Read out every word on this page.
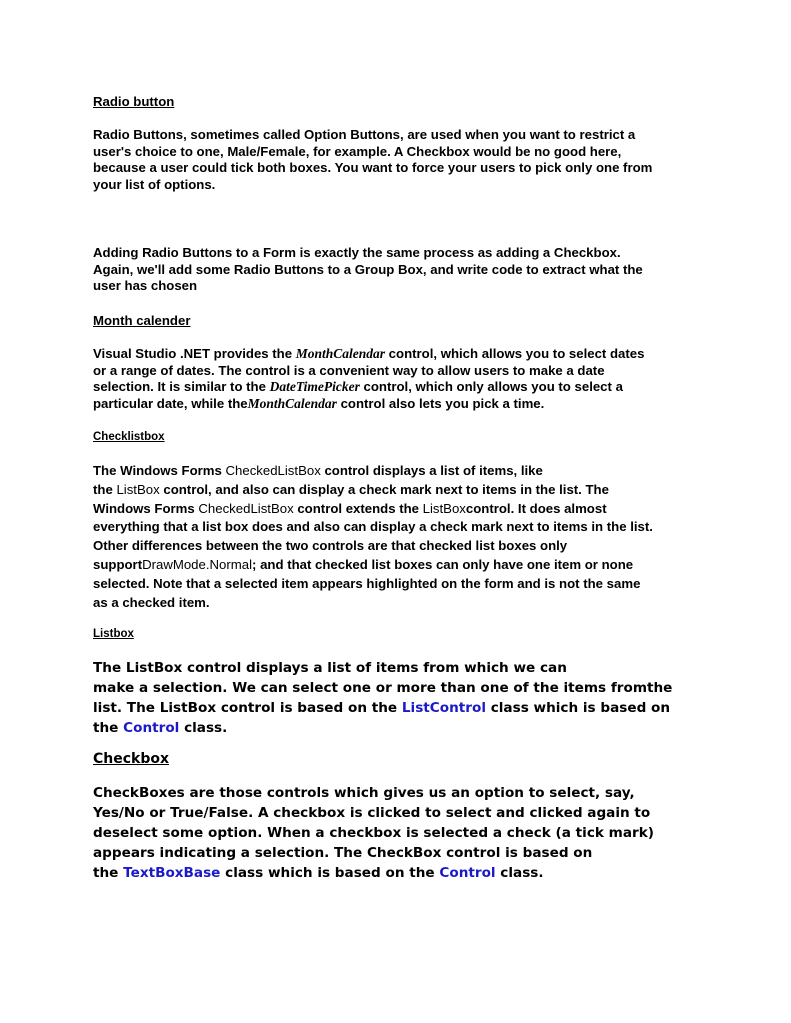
Radio button
Radio Buttons, sometimes called Option Buttons, are used when you want to restrict a
user's choice to one, Male/Female, for example. A Checkbox would be no good here,
because a user could tick both boxes. You want to force your users to pick only one from
your list of options.
Adding Radio Buttons to a Form is exactly the same process as adding a Checkbox.
Again, we'll add some Radio Buttons to a Group Box, and write code to extract what the
user has chosen
Month calender
Visual Studio .NET provides the MonthCalendar control, which allows you to select dates
or a range of dates. The control is a convenient way to allow users to make a date
selection. It is similar to the DateTimePicker control, which only allows you to select a
particular date, while theMonthCalendar control also lets you pick a time.
Checklistbox
The Windows Forms CheckedListBox control displays a list of items, like
the ListBox control, and also can display a check mark next to items in the list. The
Windows Forms CheckedListBox control extends the ListBoxcontrol. It does almost
everything that a list box does and also can display a check mark next to items in the list.
Other differences between the two controls are that checked list boxes only
supportDrawMode.Normal; and that checked list boxes can only have one item or none
selected. Note that a selected item appears highlighted on the form and is not the same
as a checked item.
Listbox
The ListBox control displays a list of items from which we can
make a selection. We can select one or more than one of the items fromthe
list. The ListBox control is based on the ListControl class which is based on
the Control class.
Checkbox
CheckBoxes are those controls which gives us an option to select, say,
Yes/No or True/False. A checkbox is clicked to select and clicked again to
deselect some option. When a checkbox is selected a check (a tick mark)
appears indicating a selection. The CheckBox control is based on
the TextBoxBase class which is based on the Control class.
